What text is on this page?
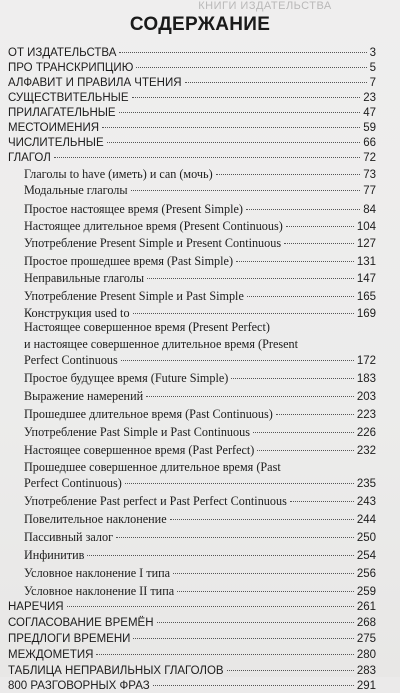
КНИГИ ИЗДАТЕЛЬСТВА
СОДЕРЖАНИЕ
ОТ ИЗДАТЕЛЬСТВА	3
ПРО ТРАНСКРИПЦИЮ	5
АЛФАВИТ И ПРАВИЛА ЧТЕНИЯ	7
СУЩЕСТВИТЕЛЬНЫЕ	23
ПРИЛАГАТЕЛЬНЫЕ	47
МЕСТОИМЕНИЯ	59
ЧИСЛИТЕЛЬНЫЕ	66
ГЛАГОЛ	72
Глаголы to have (иметь) и can (мочь)	73
Модальные глаголы	77
Простое настоящее время (Present Simple)	84
Настоящее длительное время (Present Continuous)	104
Употребление Present Simple и Present Continuous	127
Простое прошедшее время (Past Simple)	131
Неправильные глаголы	147
Употребление Present Simple и Past Simple	165
Конструкция used to	169
Настоящее совершенное время (Present Perfect)
и настоящее совершенное длительное время (Present
Perfect Continuous	172
Простое будущее время (Future Simple)	183
Выражение намерений	203
Прошедшее длительное время (Past Continuous)	223
Употребление Past Simple и Past Continuous	226
Настоящее совершенное время (Past Perfect)	232
Прошедшее совершенное длительное время (Past
Perfect Continuous)	235
Употребление Past perfect и Past Perfect Continuous	243
Повелительное наклонение	244
Пассивный залог	250
Инфинитив	254
Условное наклонение I типа	256
Условное наклонение II типа	259
НАРЕЧИЯ	261
СОГЛАСОВАНИЕ ВРЕМЁН	268
ПРЕДЛОГИ ВРЕМЕНИ	275
МЕЖДОМЕТИЯ	280
ТАБЛИЦА НЕПРАВИЛЬНЫХ ГЛАГОЛОВ	283
800 РАЗГОВОРНЫХ ФРАЗ	291
